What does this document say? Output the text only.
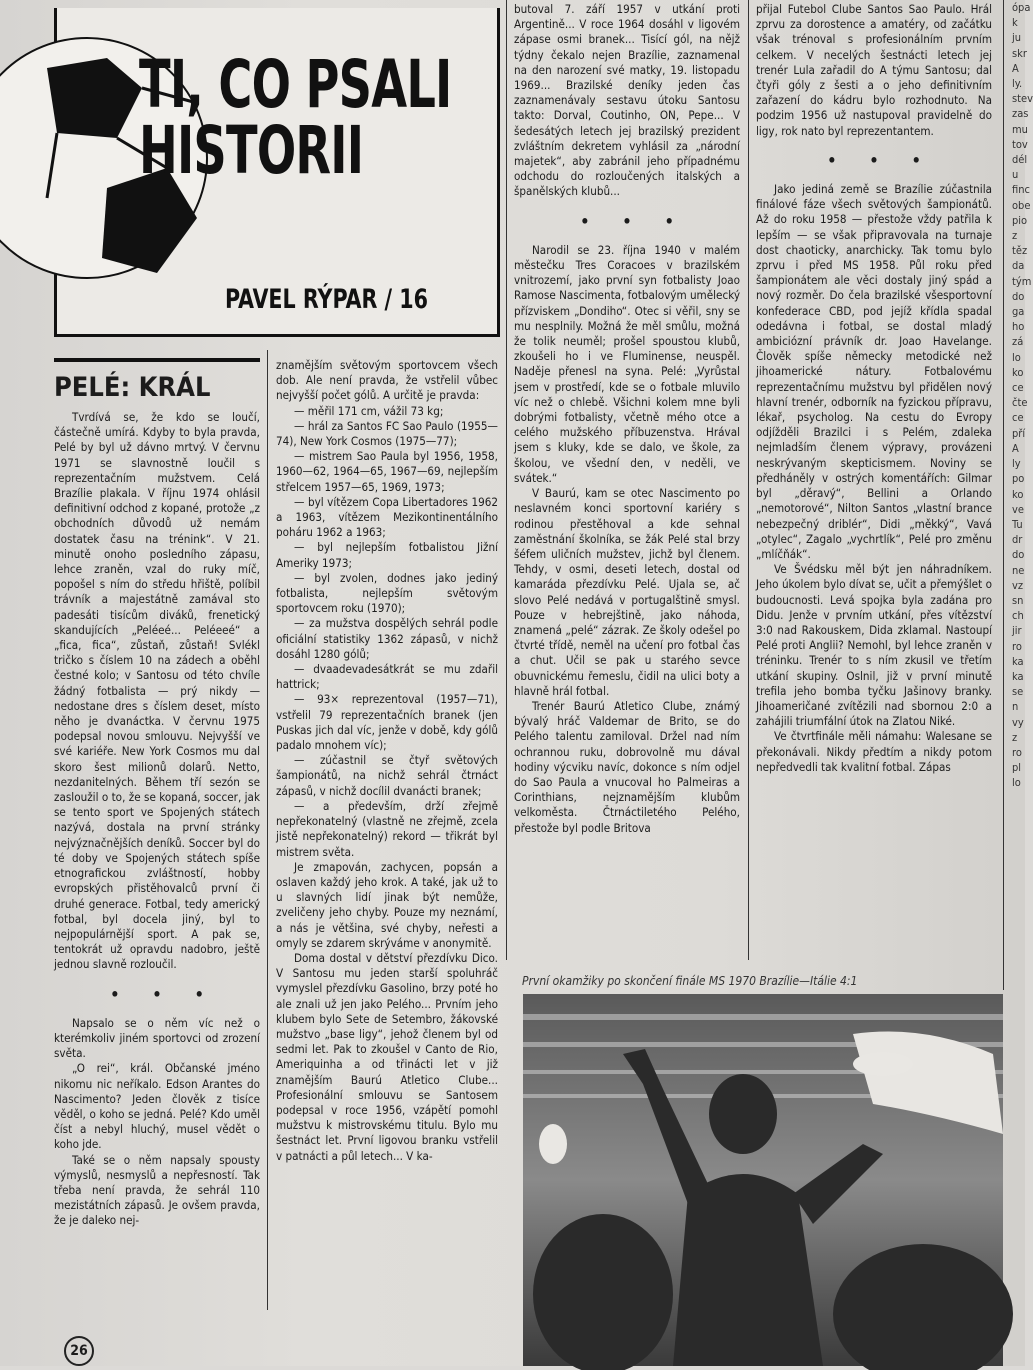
TI, CO PSALI
HISTORII
PAVEL RÝPAR / 16
PELÉ: KRÁL

Tvrdívá se, že kdo se loučí, částečně umírá. Kdyby to byla pravda, Pelé by byl už dávno mrtvý. V červnu 1971 se slavnostně loučil s reprezentačním mužstvem. Celá Brazílie plakala. V říjnu 1974 ohlásil definitivní odchod z kopané, protože „z obchodních důvodů už nemám dostatek času na trénink“. V 21. minutě onoho posledního zápasu, lehce zraněn, vzal do ruky míč, popošel s ním do středu hřiště, políbil trávník a majestátně zamával sto padesáti tisícům diváků, frenetický skandujících „Peléeé... Peléeeé“ a „fica, fica“, zůstaň, zůstaň! Svlékl tričko s číslem 10 na zádech a oběhl čestné kolo; v Santosu od této chvíle žádný fotbalista — prý nikdy — nedostane dres s číslem deset, místo něho je dvanáctka. V červnu 1975 podepsal novou smlouvu. Nejvyšší ve své kariéře. New York Cosmos mu dal skoro šest milionů dolarů. Netto, nezdanitelných. Během tří sezón se zasloužil o to, že se kopaná, soccer, jak se tento sport ve Spojených státech nazývá, dostala na první stránky nejvýznačnějších deníků. Soccer byl do té doby ve Spojených státech spíše etnografickou zvláštností, hobby evropských přistěhovalců první či druhé generace. Fotbal, tedy americký fotbal, byl docela jiný, byl to nejpopulárnější sport. A pak se, tentokrát už opravdu nadobro, ještě jednou slavně rozloučil.

• • •

Napsalo se o něm víc než o kterémkoliv jiném sportovci od zrození světa.

„O rei“, král. Občanské jméno nikomu nic neříkalo. Edson Arantes do Nascimento? Jeden člověk z tisíce věděl, o koho se jedná. Pelé? Kdo uměl číst a nebyl hluchý, musel vědět o koho jde.

Také se o něm napsaly spousty výmyslů, nesmyslů a nepřesností. Tak třeba není pravda, že sehrál 110 mezistátních zápasů. Je ovšem pravda, že je daleko nej-

znamějším světovým sportovcem všech dob. Ale není pravda, že vstřelil vůbec nejvyšší počet gólů. A určitě je pravda:

— měřil 171 cm, vážil 73 kg;

— hrál za Santos FC Sao Paulo (1955—74), New York Cosmos (1975—77);

— mistrem Sao Paula byl 1956, 1958, 1960—62, 1964—65, 1967—69, nejlepším střelcem 1957—65, 1969, 1973;

— byl vítězem Copa Libertadores 1962 a 1963, vítězem Mezikontinentálního poháru 1962 a 1963;

— byl nejlepším fotbalistou Jižní Ameriky 1973;

— byl zvolen, dodnes jako jediný fotbalista, nejlepším světovým sportovcem roku (1970);

— za mužstva dospělých sehrál podle oficiální statistiky 1362 zápasů, v nichž dosáhl 1280 gólů;

— dvaadevadesátkrát se mu zdařil hattrick;

— 93× reprezentoval (1957—71), vstřelil 79 reprezentačních branek (jen Puskas jich dal víc, jenže v době, kdy gólů padalo mnohem víc);

— zúčastnil se čtyř světových šampionátů, na nichž sehrál čtrnáct zápasů, v nichž docílil dvanácti branek;

— a především, drží zřejmě nepřekonatelný (vlastně ne zřejmě, zcela jistě nepřekonatelný) rekord — třikrát byl mistrem světa.

Je zmapován, zachycen, popsán a oslaven každý jeho krok. A také, jak už to u slavných lidí jinak být nemůže, zveličeny jeho chyby. Pouze my neznámí, a nás je většina, své chyby, neřesti a omyly se zdarem skrýváme v anonymitě.

Doma dostal v dětství přezdívku Dico. V Santosu mu jeden starší spoluhráč vymyslel přezdívku Gasolino, brzy poté ho ale znali už jen jako Pelého... Prvním jeho klubem bylo Sete de Setembro, žákovské mužstvo „base ligy“, jehož členem byl od sedmi let. Pak to zkoušel v Canto de Rio, Ameriquinha a od třinácti let v již znamějším Baurú Atletico Clube... Profesionální smlouvu se Santosem podepsal v roce 1956, vzápětí pomohl mužstvu k mistrovskému titulu. Bylo mu šestnáct let. První ligovou branku vstřelil v patnácti a půl letech... V ka-

butoval 7. září 1957 v utkání proti Argentině... V roce 1964 dosáhl v ligovém zápase osmi branek... Tisící gól, na nějž týdny čekalo nejen Brazílie, zaznamenal na den narození své matky, 19. listopadu 1969... Brazilské deníky jeden čas zaznamenávaly sestavu útoku Santosu takto: Dorval, Coutinho, ON, Pepe... V šedesátých letech jej brazilský prezident zvláštním dekretem vyhlásil za „národní majetek“, aby zabránil jeho případnému odchodu do rozloučených italských a španělských klubů...

• • •

Narodil se 23. října 1940 v malém městečku Tres Coracoes v brazilském vnitrozemí, jako první syn fotbalisty Joao Ramose Nascimenta, fotbalovým umělecký přízviskem „Dondiho“. Otec si věřil, sny se mu nesplnily. Možná že měl smůlu, možná že tolik neuměl; prošel spoustou klubů, zkoušeli ho i ve Fluminense, neuspěl. Naděje přenesl na syna. Pelé: „Vyrůstal jsem v prostředí, kde se o fotbale mluvilo víc než o chlebě. Všichni kolem mne byli dobrými fotbalisty, včetně mého otce a celého mužského příbuzenstva. Hrával jsem s kluky, kde se dalo, ve škole, za školou, ve všední den, v neděli, ve svátek.“

V Baurú, kam se otec Nascimento po neslavném konci sportovní kariéry s rodinou přestěhoval a kde sehnal zaměstnání školníka, se žák Pelé stal brzy šéfem uličních mužstev, jichž byl členem. Tehdy, v osmi, deseti letech, dostal od kamaráda přezdívku Pelé. Ujala se, ač slovo Pelé nedává v portugalštině smysl. Pouze v hebrejštině, jako náhoda, znamená „pelé“ zázrak. Ze školy odešel po čtvrté třídě, neměl na učení pro fotbal čas a chut. Učil se pak u starého sevce obuvnickému řemeslu, čidil na ulici boty a hlavně hrál fotbal.

Trenér Baurú Atletico Clube, známý bývalý hráč Valdemar de Brito, se do Pelého talentu zamiloval. Držel nad ním ochrannou ruku, dobrovolně mu dával hodiny výcviku navíc, dokonce s ním odjel do Sao Paula a vnucoval ho Palmeiras a Corinthians, nejznamějším klubům velkoměsta. Čtrnáctiletého Pelého, přestože byl podle Britova

přijal Futebol Clube Santos Sao Paulo. Hrál zprvu za dorostence a amatéry, od začátku však trénoval s profesionálním prvním celkem. V necelých šestnácti letech jej trenér Lula zařadil do A týmu Santosu; dal čtyři góly z šesti a o jeho definitivním zařazení do kádru bylo rozhodnuto. Na podzim 1956 už nastupoval pravidelně do ligy, rok nato byl reprezentantem.

• • •

Jako jediná země se Brazílie zúčastnila finálové fáze všech světových šampionátů. Až do roku 1958 — přestože vždy patřila k lepším — se však připravovala na turnaje dost chaoticky, anarchicky. Tak tomu bylo zprvu i před MS 1958. Půl roku před šampionátem ale věci dostaly jiný spád a nový rozměr. Do čela brazilské všesportovní konfederace CBD, pod jejíž křídla spadal odedávna i fotbal, se dostal mladý ambiciózní právník dr. Joao Havelange. Člověk spíše německy metodické než jihoamerické nátury. Fotbalovému reprezentačnímu mužstvu byl přidělen nový hlavní trenér, odborník na fyzickou přípravu, lékař, psycholog. Na cestu do Evropy odjížděli Brazilci i s Pelém, zdaleka nejmladším členem výpravy, provázeni neskrývaným skepticismem. Noviny se předháněly v ostrých komentářích: Gilmar byl „děravý“, Bellini a Orlando „nemotorové“, Nilton Santos „vlastní brance nebezpečný driblér“, Didi „měkký“, Vavá „otylec“, Zagalo „vychrtlík“, Pelé pro změnu „mlíčňák“.

Ve Švédsku měl být jen náhradníkem. Jeho úkolem bylo dívat se, učit a přemýšlet o budoucnosti. Levá spojka byla zadána pro Didu. Jenže v prvním utkání, přes vítězství 3:0 nad Rakouskem, Dida zklamal. Nastoupí Pelé proti Anglii? Nemohl, byl lehce zraněn v tréninku. Trenér to s ním zkusil ve třetím utkání skupiny. Oslnil, již v první minutě trefila jeho bomba tyčku Jašinovy branky. Jihoameričané zvítězili nad sbornou 2:0 a zahájili triumfální útok na Zlatou Niké.

Ve čtvrtfinále měli námahu: Walesane se překonávali. Nikdy předtím a nikdy potom nepředvedli tak kvalitní fotbal. Zápas

ópa
k
ju
skr
A
ly.
stev
zas
mu
tov
dél
u
finc
obe
pio
z
těz
da
tým
do
ga
ho
zá
lo
ko
ce
čte
ce
pří
A
ly
po
ko
ve
Tu
dr
do
ne
vz
sn
ch
jir
ro
ka
ka
se
n
vy
z
ro
pl
lo
První okamžiky po skončení finále MS 1970 Brazílie—Itálie 4:1
26
